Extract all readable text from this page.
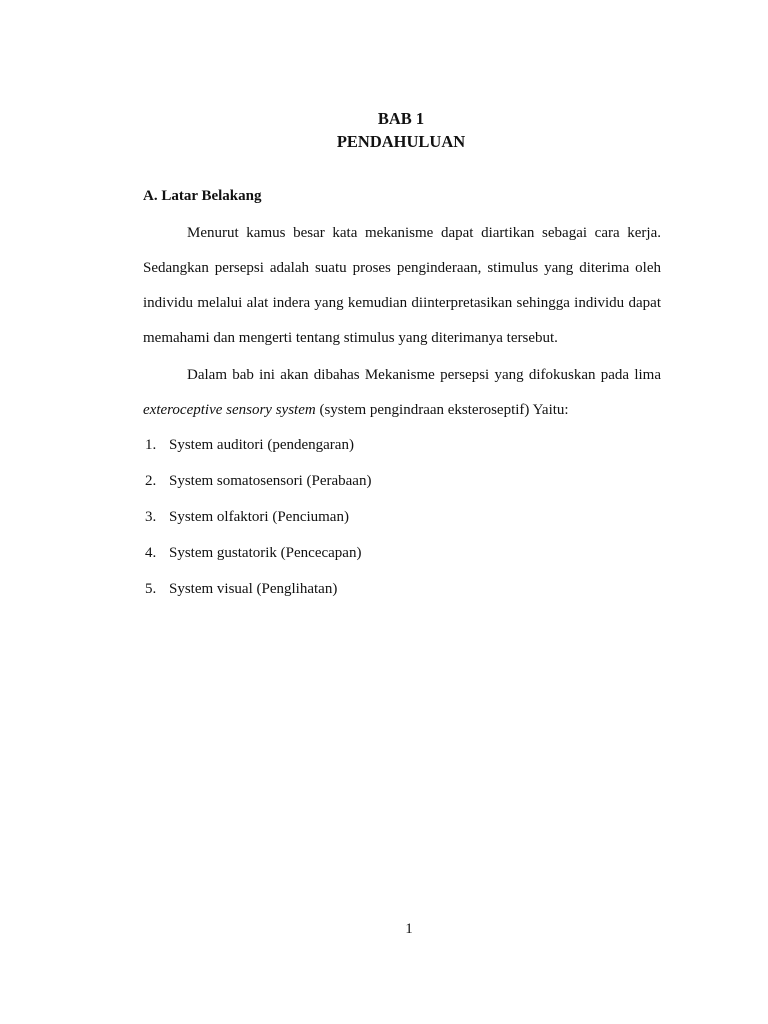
BAB 1
PENDAHULUAN
A. Latar Belakang

Menurut kamus besar kata mekanisme dapat diartikan sebagai cara kerja. Sedangkan persepsi adalah suatu proses penginderaan, stimulus yang diterima oleh individu melalui alat indera yang kemudian diinterpretasikan sehingga individu dapat memahami dan mengerti tentang stimulus yang diterimanya tersebut.

Dalam bab ini akan dibahas Mekanisme persepsi yang difokuskan pada lima exteroceptive sensory system (system pengindraan eksteroseptif) Yaitu:

1. System auditori (pendengaran)
2. System somatosensori (Perabaan)
3. System olfaktori (Penciuman)
4. System gustatorik (Pencecapan)
5. System visual (Penglihatan)
1
